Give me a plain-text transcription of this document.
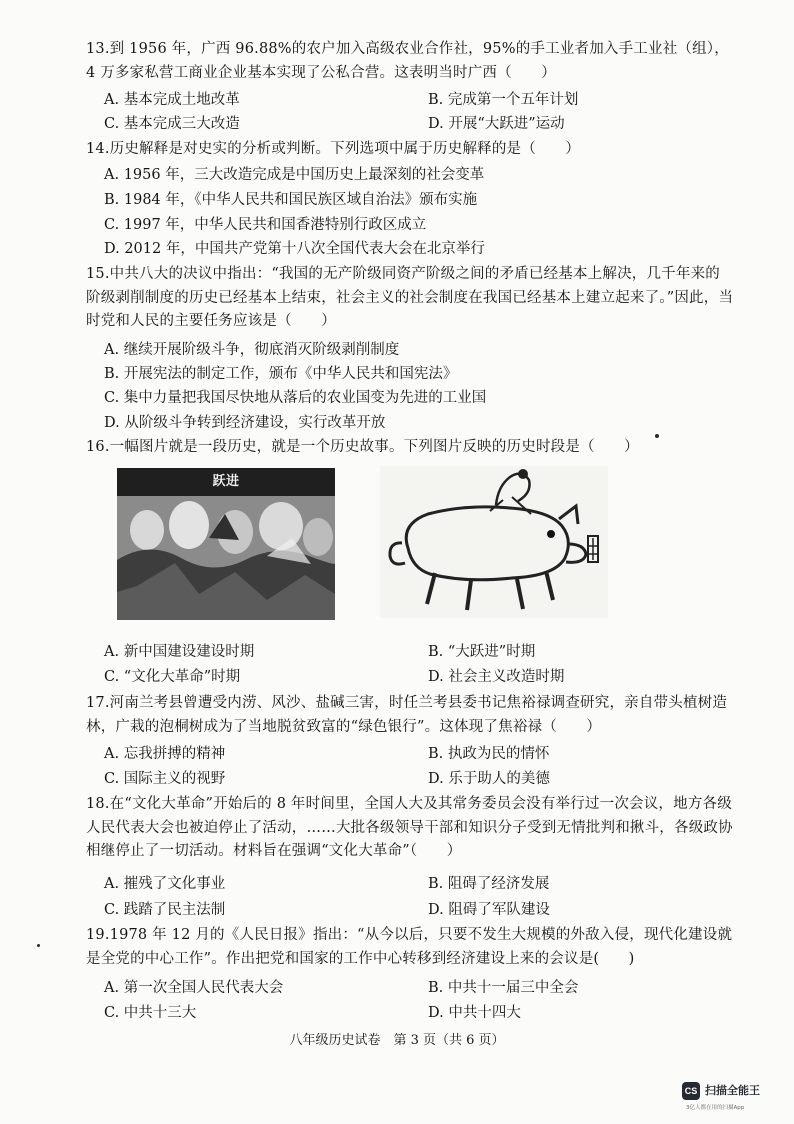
13.到 1956 年，广西 96.88%的农户加入高级农业合作社，95%的手工业者加入手工业社（组），4 万多家私营工商业企业基本实现了公私合营。这表明当时广西（　　）
A. 基本完成土地改革	B. 完成第一个五年计划
C. 基本完成三大改造	D. 开展“大跃进”运动
14.历史解释是对史实的分析或判断。下列选项中属于历史解释的是（　　）
A. 1956 年，三大改造完成是中国历史上最深刻的社会变革
B. 1984 年，《中华人民共和国民族区域自治法》颁布实施
C. 1997 年，中华人民共和国香港特别行政区成立
D. 2012 年，中国共产党第十八次全国代表大会在北京举行
15.中共八大的决议中指出：“我国的无产阶级同资产阶级之间的矛盾已经基本上解决，几千年来的阶级剥削制度的历史已经基本上结束，社会主义的社会制度在我国已经基本上建立起来了。”因此，当时党和人民的主要任务应该是（　　）
A. 继续开展阶级斗争，彻底消灭阶级剥削制度
B. 开展宪法的制定工作，颁布《中华人民共和国宪法》
C. 集中力量把我国尽快地从落后的农业国变为先进的工业国
D. 从阶级斗争转到经济建设，实行改革开放
16.一幅图片就是一段历史，就是一个历史故事。下列图片反映的历史时段是（　　）
跃进
A. 新中国建设建设时期	B. “大跃进”时期
C. “文化大革命”时期	D. 社会主义改造时期
17.河南兰考县曾遭受内涝、风沙、盐碱三害，时任兰考县委书记焦裕禄调查研究，亲自带头植树造林，广栽的泡桐树成为了当地脱贫致富的“绿色银行”。这体现了焦裕禄（　　）
A. 忘我拼搏的精神	B. 执政为民的情怀
C. 国际主义的视野	D. 乐于助人的美德
18.在“文化大革命”开始后的 8 年时间里，全国人大及其常务委员会没有举行过一次会议，地方各级人民代表大会也被迫停止了活动，……大批各级领导干部和知识分子受到无情批判和揪斗，各级政协相继停止了一切活动。材料旨在强调“文化大革命”（　　）
A. 摧残了文化事业	B. 阻碍了经济发展
C. 践踏了民主法制	D. 阻碍了军队建设
19.1978 年 12 月的《人民日报》指出：“从今以后，只要不发生大规模的外敌入侵，现代化建设就是全党的中心工作”。作出把党和国家的工作中心转移到经济建设上来的会议是(　　)
A. 第一次全国人民代表大会	B. 中共十一届三中全会
C. 中共十三大	D. 中共十四大
八年级历史试卷　第 3 页（共 6 页）
CS 扫描全能王
3亿人都在用的扫描App
